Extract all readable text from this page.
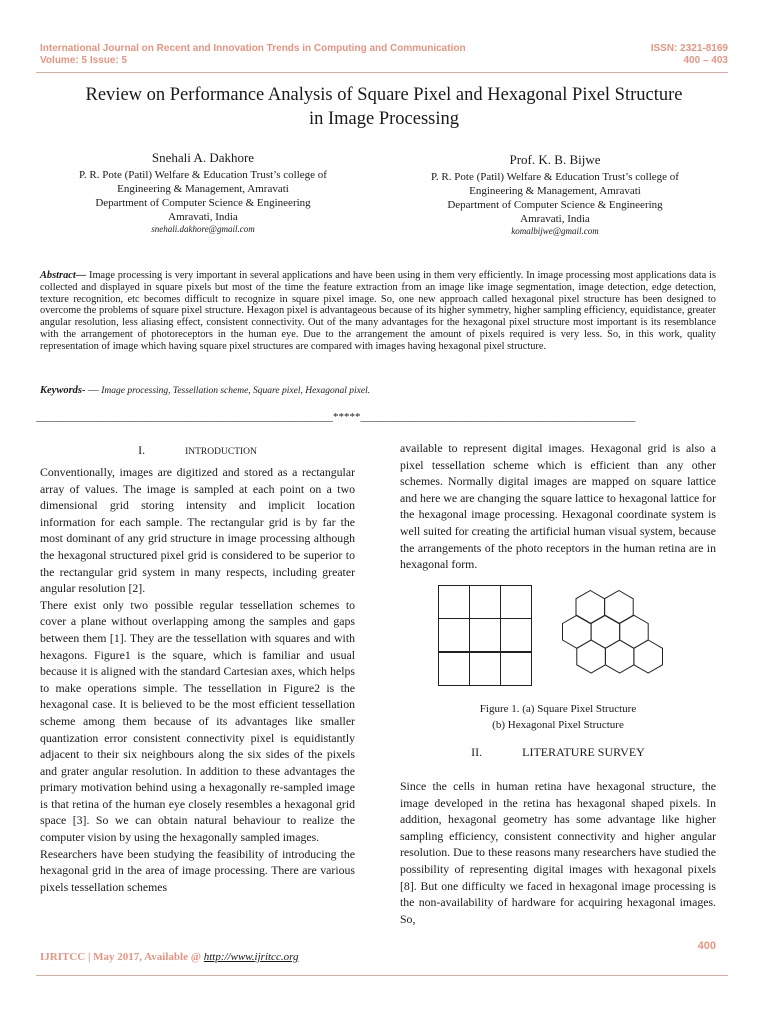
International Journal on Recent and Innovation Trends in Computing and Communication
Volume: 5 Issue: 5
ISSN: 2321-8169
400 – 403
Review on Performance Analysis of Square Pixel and Hexagonal Pixel Structure
in Image Processing
Snehali A. Dakhore
P. R. Pote (Patil) Welfare & Education Trust’s college of
Engineering & Management, Amravati
Department of Computer Science & Engineering
Amravati, India
snehali.dakhore@gmail.com
Prof. K. B. Bijwe
P. R. Pote (Patil) Welfare & Education Trust’s college of
Engineering & Management, Amravati
Department of Computer Science & Engineering
Amravati, India
komalbijwe@gmail.com
Abstract— Image processing is very important in several applications and have been using in them very efficiently. In image processing most applications data is collected and displayed in square pixels but most of the time the feature extraction from an image like image segmentation, image detection, edge detection, texture recognition, etc becomes difficult to recognize in square pixel image. So, one new approach called hexagonal pixel structure has been designed to overcome the problems of square pixel structure. Hexagon pixel is advantageous because of its higher symmetry, higher sampling efficiency, equidistance, greater angular resolution, less aliasing effect, consistent connectivity. Out of the many advantages for the hexagonal pixel structure most important is its resemblance with the arrangement of photoreceptors in the human eye. Due to the arrangement the amount of pixels required is very less. So, in this work, quality representation of image which having square pixel structures are compared with images having hexagonal pixel structure.
Keywords- — Image processing, Tessellation scheme, Square pixel, Hexagonal pixel.
______________________________________________________*****__________________________________________________
I.	INTRODUCTION
Conventionally, images are digitized and stored as a rectangular array of values. The image is sampled at each point on a two dimensional grid storing intensity and implicit location information for each sample. The rectangular grid is by far the most dominant of any grid structure in image processing although the hexagonal structured pixel grid is considered to be superior to the rectangular grid system in many respects, including greater angular resolution [2].
There exist only two possible regular tessellation schemes to cover a plane without overlapping among the samples and gaps between them [1]. They are the tessellation with squares and with hexagons. Figure1 is the square, which is familiar and usual because it is aligned with the standard Cartesian axes, which helps to make operations simple. The tessellation in Figure2 is the hexagonal case. It is believed to be the most efficient tessellation scheme among them because of its advantages like smaller quantization error consistent connectivity pixel is equidistantly adjacent to their six neighbours along the six sides of the pixels and grater angular resolution. In addition to these advantages the primary motivation behind using a hexagonally re-sampled image is that retina of the human eye closely resembles a hexagonal grid space [3]. So we can obtain natural behaviour to realize the computer vision by using the hexagonally sampled images.
Researchers have been studying the feasibility of introducing the hexagonal grid in the area of image processing. There are various pixels tessellation schemes
available to represent digital images. Hexagonal grid is also a pixel tessellation scheme which is efficient than any other schemes. Normally digital images are mapped on square lattice and here we are changing the square lattice to hexagonal lattice for the hexagonal image processing. Hexagonal coordinate system is well suited for creating the artificial human visual system, because the arrangements of the photo receptors in the human retina are in hexagonal form.
Figure 1. (a) Square Pixel Structure
(b) Hexagonal Pixel Structure
II.	LITERATURE SURVEY
Since the cells in human retina have hexagonal structure, the image developed in the retina has hexagonal shaped pixels. In addition, hexagonal geometry has some advantage like higher sampling efficiency, consistent connectivity and higher angular resolution. Due to these reasons many researchers have studied the possibility of representing digital images with hexagonal pixels [8]. But one difficulty we faced in hexagonal image processing is the non-availability of hardware for acquiring hexagonal images. So,
400
IJRITCC | May 2017, Available @ http://www.ijritcc.org
